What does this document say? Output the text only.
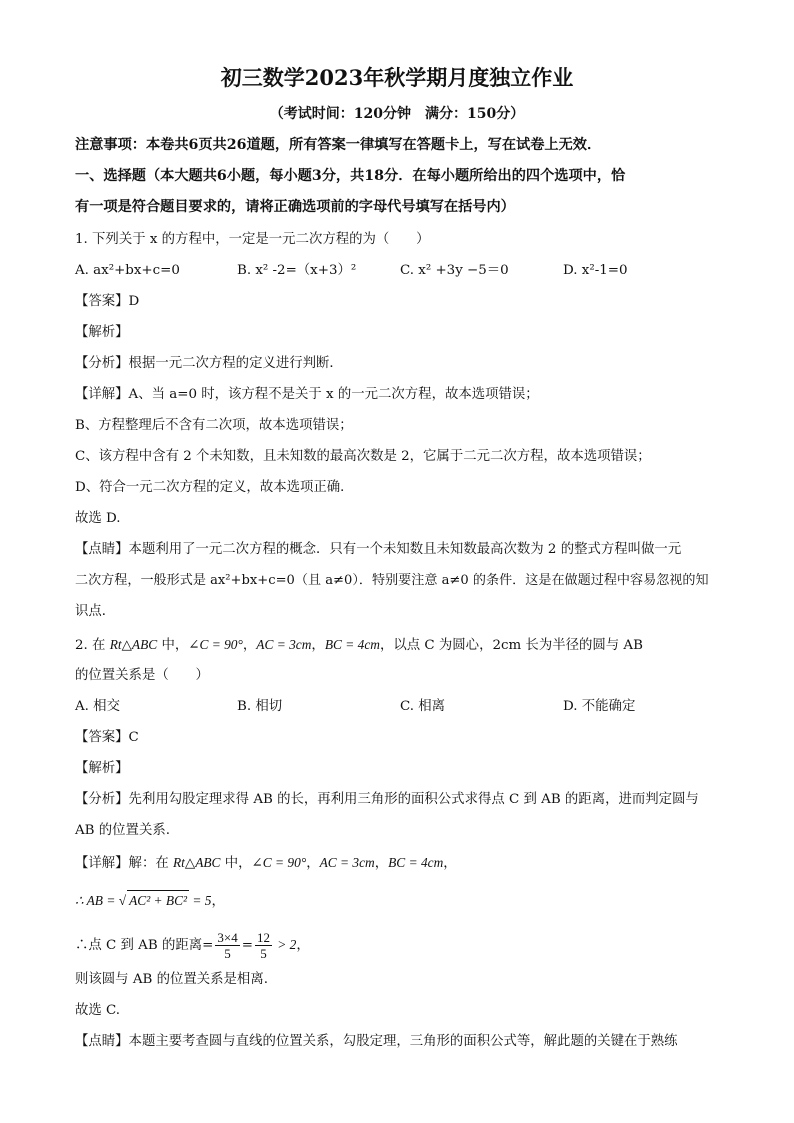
初三数学2023年秋学期月度独立作业
（考试时间：120分钟　满分：150分）
注意事项：本卷共6页共26道题，所有答案一律填写在答题卡上，写在试卷上无效．
一、选择题（本大题共6小题，每小题3分，共18分．在每小题所给出的四个选项中，恰
有一项是符合题目要求的，请将正确选项前的字母代号填写在括号内）
1. 下列关于 x 的方程中，一定是一元二次方程的为（　　）
A. ax²+bx+c=0	B. x² -2=（x+3）²	C. x² +3y −5＝0	D. x²-1=0
【答案】D
【解析】
【分析】根据一元二次方程的定义进行判断．
【详解】A、当 a=0 时，该方程不是关于 x 的一元二次方程，故本选项错误；
B、方程整理后不含有二次项，故本选项错误；
C、该方程中含有 2 个未知数，且未知数的最高次数是 2，它属于二元二次方程，故本选项错误；
D、符合一元二次方程的定义，故本选项正确．
故选 D.
【点睛】本题利用了一元二次方程的概念．只有一个未知数且未知数最高次数为 2 的整式方程叫做一元
二次方程，一般形式是 ax²+bx+c=0（且 a≠0）．特别要注意 a≠0 的条件．这是在做题过程中容易忽视的知
识点．
2. 在 Rt△ABC 中，∠C = 90°，AC = 3cm，BC = 4cm，以点 C 为圆心，2cm 长为半径的圆与 AB
的位置关系是（　　）
A. 相交	B. 相切	C. 相离	D. 不能确定
【答案】C
【解析】
【分析】先利用勾股定理求得 AB 的长，再利用三角形的面积公式求得点 C 到 AB 的距离，进而判定圆与
AB 的位置关系.
【详解】解：在 Rt△ABC 中，∠C = 90°，AC = 3cm，BC = 4cm，
∴ AB = √ AC² + BC² = 5，
∴点 C 到 AB 的距离= $\frac{3\times 4}{5} = \frac{12}{5} > 2$，
则该圆与 AB 的位置关系是相离.
故选 C.
【点睛】本题主要考查圆与直线的位置关系，勾股定理，三角形的面积公式等，解此题的关键在于熟练
